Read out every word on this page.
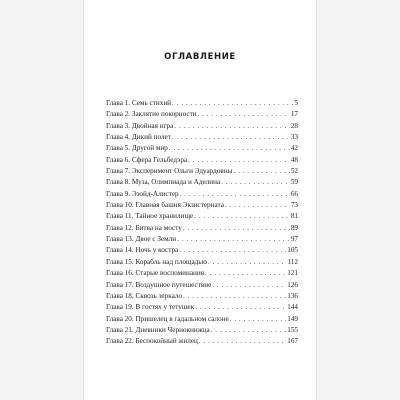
ОГЛАВЛЕНИЕ
Глава 1. Семь стихий . . .	5
Глава 2. Заклятие покорности . . .	17
Глава 3. Двойная игра . . .	28
Глава 4. Дикий полет . . .	33
Глава 5. Другой мир . . .	42
Глава 6. Сфера Гельбедэра . . .	48
Глава 7. Эксперимент Ольги Эдуардовны . . .	52
Глава 8. Муза, Олимпиада и Аделина . . .	59
Глава 9. Эзойд-Алистер . . .	66
Глава 10. Главная башня Экзистерната . . .	73
Глава 11. Тайное хранилище . . .	81
Глава 12. Битва на мосту . . .	89
Глава 13. Двое с Земли . . .	97
Глава 14. Ночь у костра . . .	105
Глава 15. Корабль над площадью . . .	112
Глава 16. Старые воспоминания . . .	121
Глава 17. Воздушное путешествие . . .	126
Глава 18. Сквозь зеркало . . .	136
Глава 19. В гостях у тетушек . . .	144
Глава 20. Пришелец в гадальном салоне . . .	149
Глава 21. Дневники Чернокнижца . . .	155
Глава 22. Беспокойный жилец . . .	167
